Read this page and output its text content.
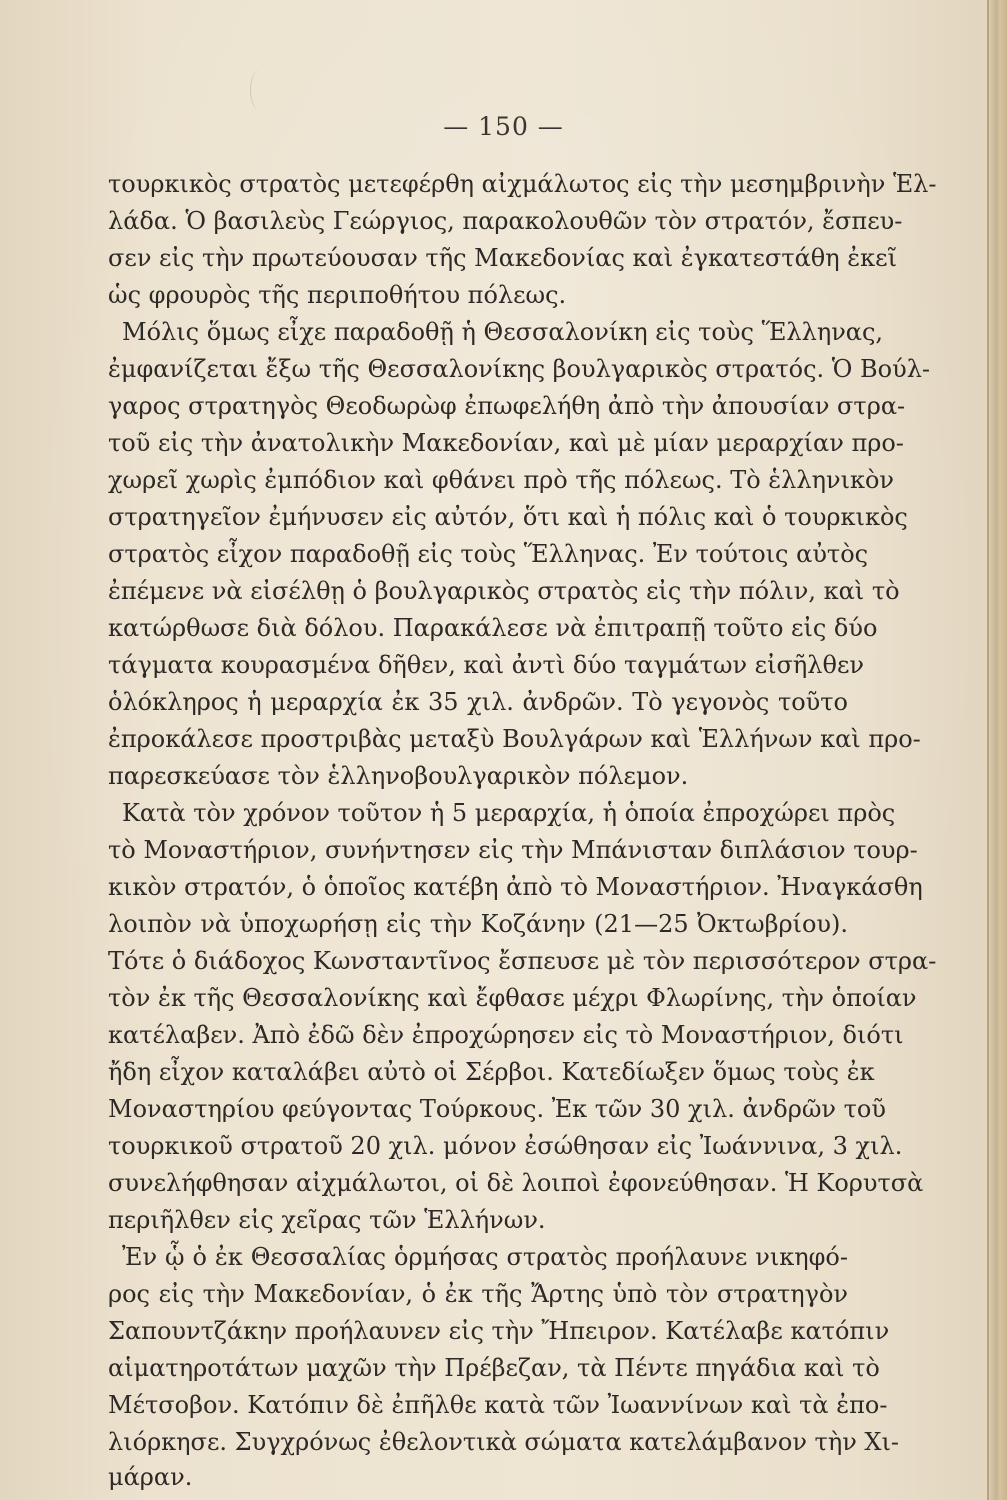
— 150 —
τουρκικὸς στρατὸς μετεφέρθη αἰχμάλωτος εἰς τὴν μεσημβρινὴν Ἑλ-
λάδα. Ὁ βασιλεὺς Γεώργιος, παρακολουθῶν τὸν στρατόν, ἔσπευ-
σεν εἰς τὴν πρωτεύουσαν τῆς Μακεδονίας καὶ ἐγκατεστάθη ἐκεῖ
ὡς φρουρὸς τῆς περιποθήτου πόλεως.
Μόλις ὅμως εἶχε παραδοθῇ ἡ Θεσσαλονίκη εἰς τοὺς Ἕλληνας,
ἐμφανίζεται ἔξω τῆς Θεσσαλονίκης βουλγαρικὸς στρατός. Ὁ Βούλ-
γαρος στρατηγὸς Θεοδωρὼφ ἐπωφελήθη ἀπὸ τὴν ἀπουσίαν στρα-
τοῦ εἰς τὴν ἀνατολικὴν Μακεδονίαν, καὶ μὲ μίαν μεραρχίαν προ-
χωρεῖ χωρὶς ἐμπόδιον καὶ φθάνει πρὸ τῆς πόλεως. Τὸ ἑλληνικὸν
στρατηγεῖον ἐμήνυσεν εἰς αὐτόν, ὅτι καὶ ἡ πόλις καὶ ὁ τουρκικὸς
στρατὸς εἶχον παραδοθῇ εἰς τοὺς Ἕλληνας. Ἐν τούτοις αὐτὸς
ἐπέμενε νὰ εἰσέλθῃ ὁ βουλγαρικὸς στρατὸς εἰς τὴν πόλιν, καὶ τὸ
κατώρθωσε διὰ δόλου. Παρακάλεσε νὰ ἐπιτραπῇ τοῦτο εἰς δύο
τάγματα κουρασμένα δῆθεν, καὶ ἀντὶ δύο ταγμάτων εἰσῆλθεν
ὁλόκληρος ἡ μεραρχία ἐκ 35 χιλ. ἀνδρῶν. Τὸ γεγονὸς τοῦτο
ἐπροκάλεσε προστριβὰς μεταξὺ Βουλγάρων καὶ Ἑλλήνων καὶ προ-
παρεσκεύασε τὸν ἑλληνοβουλγαρικὸν πόλεμον.
Κατὰ τὸν χρόνον τοῦτον ἡ 5 μεραρχία, ἡ ὁποία ἐπροχώρει πρὸς
τὸ Μοναστήριον, συνήντησεν εἰς τὴν Μπάνισταν διπλάσιον τουρ-
κικὸν στρατόν, ὁ ὁποῖος κατέβη ἀπὸ τὸ Μοναστήριον. Ἠναγκάσθη
λοιπὸν νὰ ὑποχωρήσῃ εἰς τὴν Κοζάνην (21—25 Ὀκτωβρίου).
Τότε ὁ διάδοχος Κωνσταντῖνος ἔσπευσε μὲ τὸν περισσότερον στρα-
τὸν ἐκ τῆς Θεσσαλονίκης καὶ ἔφθασε μέχρι Φλωρίνης, τὴν ὁποίαν
κατέλαβεν. Ἀπὸ ἐδῶ δὲν ἐπροχώρησεν εἰς τὸ Μοναστήριον, διότι
ἤδη εἶχον καταλάβει αὐτὸ οἱ Σέρβοι. Κατεδίωξεν ὅμως τοὺς ἐκ
Μοναστηρίου φεύγοντας Τούρκους. Ἐκ τῶν 30 χιλ. ἀνδρῶν τοῦ
τουρκικοῦ στρατοῦ 20 χιλ. μόνον ἐσώθησαν εἰς Ἰωάννινα, 3 χιλ.
συνελήφθησαν αἰχμάλωτοι, οἱ δὲ λοιποὶ ἐφονεύθησαν. Ἡ Κορυτσὰ
περιῆλθεν εἰς χεῖρας τῶν Ἑλλήνων.
Ἐν ᾧ ὁ ἐκ Θεσσαλίας ὁρμήσας στρατὸς προήλαυνε νικηφό-
ρος εἰς τὴν Μακεδονίαν, ὁ ἐκ τῆς Ἄρτης ὑπὸ τὸν στρατηγὸν
Σαπουντζάκην προήλαυνεν εἰς τὴν Ἤπειρον. Κατέλαβε κατόπιν
αἱματηροτάτων μαχῶν τὴν Πρέβεζαν, τὰ Πέντε πηγάδια καὶ τὸ
Μέτσοβον. Κατόπιν δὲ ἐπῆλθε κατὰ τῶν Ἰωαννίνων καὶ τὰ ἐπο-
λιόρκησε. Συγχρόνως ἐθελοντικὰ σώματα κατελάμβανον τὴν Χι-
μάραν.
